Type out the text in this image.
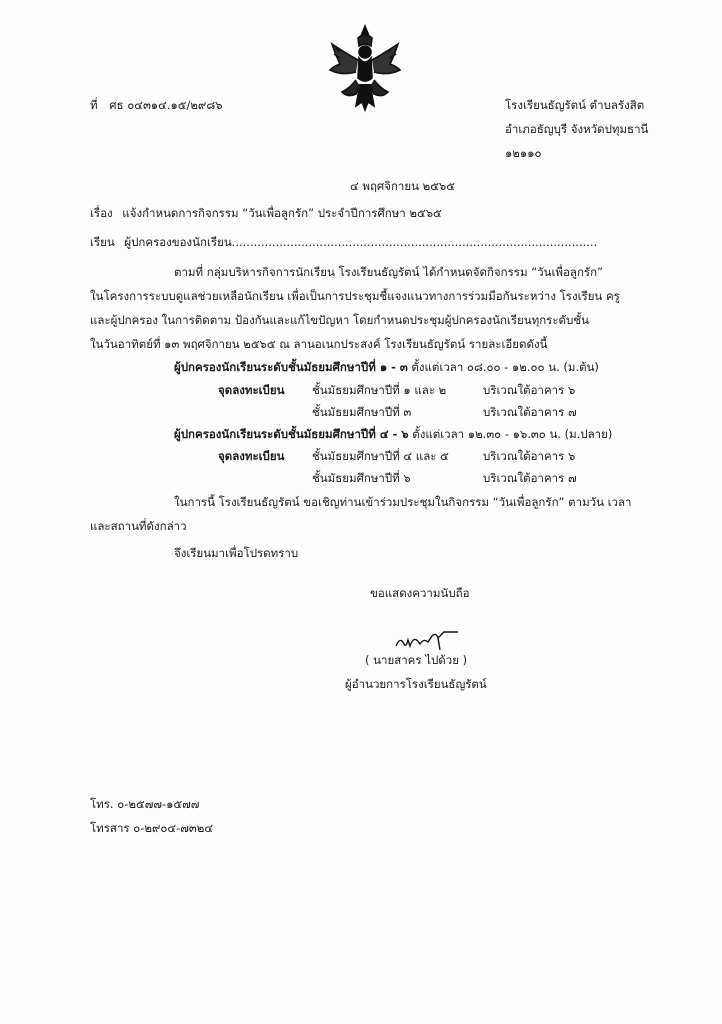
ที่ ศธ ๐๔๓๑๔.๑๕/๒๙๘๖	โรงเรียนธัญรัตน์ ตำบลรังสิต
อำเภอธัญบุรี จังหวัดปทุมธานี
๑๒๑๑๐
๔ พฤศจิกายน ๒๕๖๕
เรื่อง แจ้งกำหนดการกิจกรรม “วันเพื่อลูกรัก” ประจำปีการศึกษา ๒๕๖๕
เรียน ผู้ปกครองของนักเรียน....................................................................................................
ตามที่ กลุ่มบริหารกิจการนักเรียน โรงเรียนธัญรัตน์ ได้กำหนดจัดกิจกรรม “วันเพื่อลูกรัก”
ในโครงการระบบดูแลช่วยเหลือนักเรียน เพื่อเป็นการประชุมชี้แจงแนวทางการร่วมมือกันระหว่าง โรงเรียน ครู
และผู้ปกครอง ในการติดตาม ป้องกันและแก้ไขปัญหา โดยกำหนดประชุมผู้ปกครองนักเรียนทุกระดับชั้น
ในวันอาทิตย์ที่ ๑๓ พฤศจิกายน ๒๕๖๕ ณ ลานอเนกประสงค์ โรงเรียนธัญรัตน์ รายละเอียดดังนี้
ผู้ปกครองนักเรียนระดับชั้นมัธยมศึกษาปีที่ ๑ - ๓ ตั้งแต่เวลา ๐๘.๐๐ - ๑๒.๐๐ น. (ม.ต้น)
จุดลงทะเบียน ชั้นมัธยมศึกษาปีที่ ๑ และ ๒	บริเวณใต้อาคาร ๖
ชั้นมัธยมศึกษาปีที่ ๓	บริเวณใต้อาคาร ๗
ผู้ปกครองนักเรียนระดับชั้นมัธยมศึกษาปีที่ ๔ - ๖ ตั้งแต่เวลา ๑๒.๓๐ - ๑๖.๓๐ น. (ม.ปลาย)
จุดลงทะเบียน ชั้นมัธยมศึกษาปีที่ ๔ และ ๕	บริเวณใต้อาคาร ๖
ชั้นมัธยมศึกษาปีที่ ๖	บริเวณใต้อาคาร ๗
ในการนี้ โรงเรียนธัญรัตน์ ขอเชิญท่านเข้าร่วมประชุมในกิจกรรม “วันเพื่อลูกรัก” ตามวัน เวลา
และสถานที่ดังกล่าว
จึงเรียนมาเพื่อโปรดทราบ
ขอแสดงความนับถือ
( นายสาคร ไปด้วย )
ผู้อำนวยการโรงเรียนธัญรัตน์
โทร. ๐-๒๕๗๗-๑๕๗๗
โทรสาร ๐-๒๙๐๔-๗๓๒๔
